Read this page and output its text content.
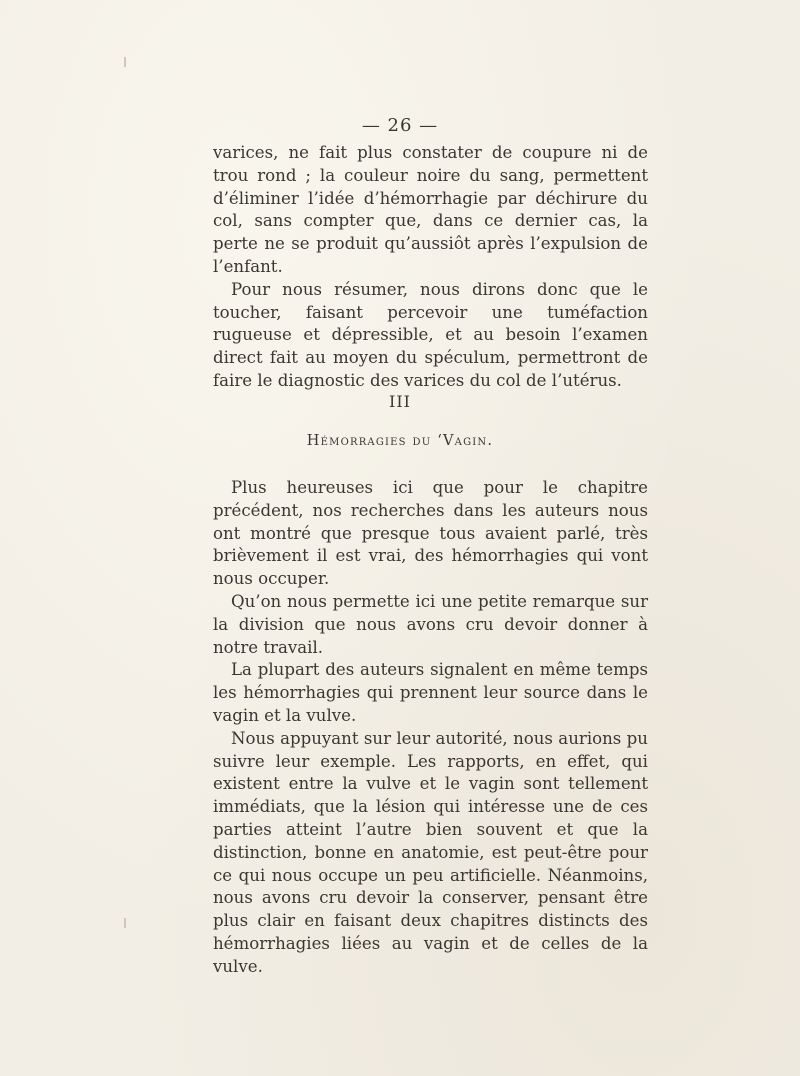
— 26 —

varices, ne fait plus constater de coupure ni de trou rond ; la couleur noire du sang, permettent d’éliminer l’idée d’hémorrhagie par déchirure du col, sans compter que, dans ce dernier cas, la perte ne se produit qu’aussiôt après l’expulsion de l’enfant.

Pour nous résumer, nous dirons donc que le toucher, faisant percevoir une tuméfaction rugueuse et dépressible, et au besoin l’examen direct fait au moyen du spéculum, permettront de faire le diagnostic des varices du col de l’utérus.

III
Hémorragies du ‘Vagin.

Plus heureuses ici que pour le chapitre précédent, nos recherches dans les auteurs nous ont montré que presque tous avaient parlé, très brièvement il est vrai, des hémorrhagies qui vont nous occuper.

Qu’on nous permette ici une petite remarque sur la division que nous avons cru devoir donner à notre travail.

La plupart des auteurs signalent en même temps les hémorrhagies qui prennent leur source dans le vagin et la vulve.

Nous appuyant sur leur autorité, nous aurions pu suivre leur exemple. Les rapports, en effet, qui existent entre la vulve et le vagin sont tellement immédiats, que la lésion qui intéresse une de ces parties atteint l’autre bien souvent et que la distinction, bonne en anatomie, est peut-être pour ce qui nous occupe un peu artificielle. Néanmoins, nous avons cru devoir la conserver, pensant être plus clair en faisant deux chapitres distincts des hémorrhagies liées au vagin et de celles de la vulve.
